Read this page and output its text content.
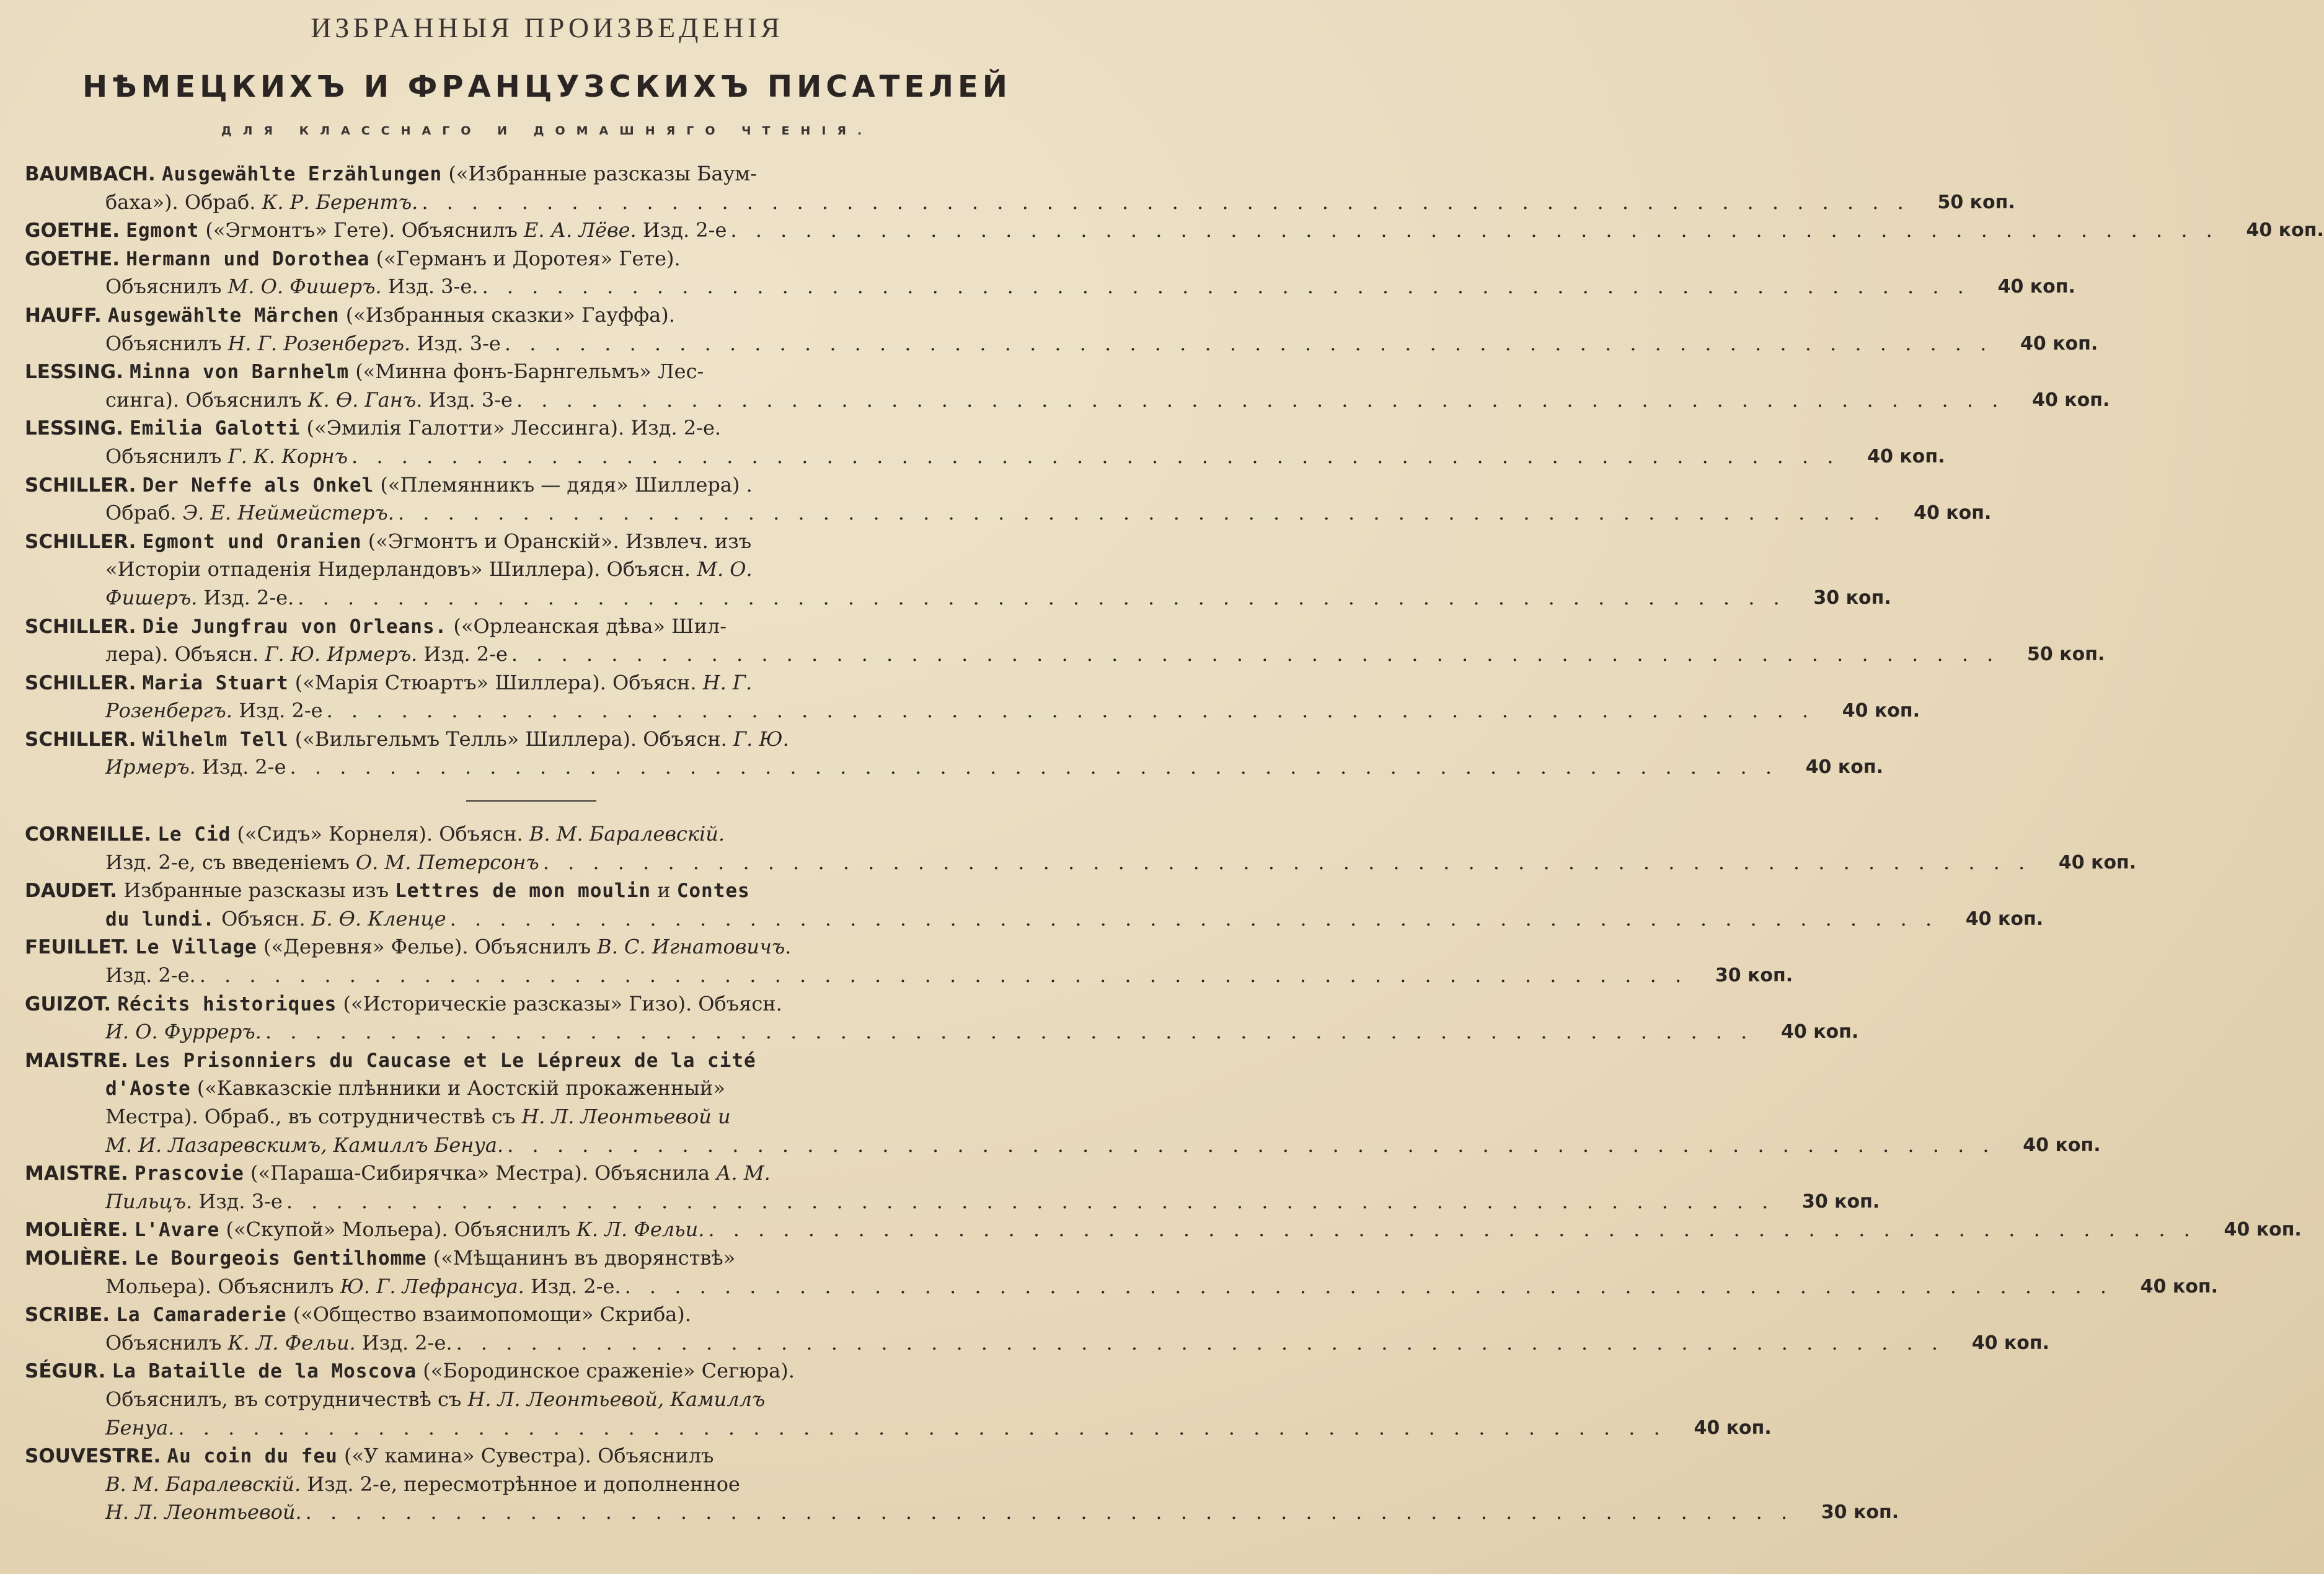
ИЗБРАННЫЯ ПРОИЗВЕДЕНІЯ
НѢМЕЦКИХЪ И ФРАНЦУЗСКИХЪ ПИСАТЕЛЕЙ
ДЛЯ КЛАССНАГО И ДОМАШНЯГО ЧТЕНІЯ.
BAUMBACH. Ausgewählte Erzählungen («Избранные разсказы Баум-
баха»). Обраб. К. Р. Берентъ. . . . . . . . . . . . . . . . . . . . . . . . . . . . . . . . . . . . . . . . . . . . . . . . . . . . . . . . . . . . .	50 коп.
GOETHE. Egmont («Эгмонтъ» Гете). Объяснилъ Е. А. Лёве. Изд. 2-е . . . . . . . . . . . . . . . . . . . . . . . . . . . . . . . . . . . . . . . . . . . . . . . . . . . . . . . . . . . .	40 коп.
GOETHE. Hermann und Dorothea («Германъ и Доротея» Гете).
Объяснилъ М. О. Фишеръ. Изд. 3-е. . . . . . . . . . . . . . . . . . . . . . . . . . . . . . . . . . . . . . . . . . . . . . . . . . . . . . . . . . . . .	40 коп.
HAUFF. Ausgewählte Märchen («Избранныя сказки» Гауффа).
Объяснилъ Н. Г. Розенбергъ. Изд. 3-е . . . . . . . . . . . . . . . . . . . . . . . . . . . . . . . . . . . . . . . . . . . . . . . . . . . . . . . . . . . .	40 коп.
LESSING. Minna von Barnhelm («Минна фонъ-Барнгельмъ» Лес-
синга). Объяснилъ К. Ѳ. Ганъ. Изд. 3-е . . . . . . . . . . . . . . . . . . . . . . . . . . . . . . . . . . . . . . . . . . . . . . . . . . . . . . . . . . . .	40 коп.
LESSING. Emilia Galotti («Эмилія Галотти» Лессинга). Изд. 2-е.
Объяснилъ Г. К. Корнъ . . . . . . . . . . . . . . . . . . . . . . . . . . . . . . . . . . . . . . . . . . . . . . . . . . . . . . . . . . . .	40 коп.
SCHILLER. Der Neffe als Onkel («Племянникъ — дядя» Шиллера) .
Обраб. Э. Е. Неймейстеръ. . . . . . . . . . . . . . . . . . . . . . . . . . . . . . . . . . . . . . . . . . . . . . . . . . . . . . . . . . . . .	40 коп.
SCHILLER. Egmont und Oranien («Эгмонтъ и Оранскій». Извлеч. изъ
«Исторіи отпаденія Нидерландовъ» Шиллера). Объясн. М. О.
Фишеръ. Изд. 2-е. . . . . . . . . . . . . . . . . . . . . . . . . . . . . . . . . . . . . . . . . . . . . . . . . . . . . . . . . . . . .	30 коп.
SCHILLER. Die Jungfrau von Orleans. («Орлеанская дѣва» Шил-
лера). Объясн. Г. Ю. Ирмеръ. Изд. 2-е . . . . . . . . . . . . . . . . . . . . . . . . . . . . . . . . . . . . . . . . . . . . . . . . . . . . . . . . . . . .	50 коп.
SCHILLER. Maria Stuart («Марія Стюартъ» Шиллера). Объясн. Н. Г.
Розенбергъ. Изд. 2-е . . . . . . . . . . . . . . . . . . . . . . . . . . . . . . . . . . . . . . . . . . . . . . . . . . . . . . . . . . . .	40 коп.
SCHILLER. Wilhelm Tell («Вильгельмъ Телль» Шиллера). Объясн. Г. Ю.
Ирмеръ. Изд. 2-е . . . . . . . . . . . . . . . . . . . . . . . . . . . . . . . . . . . . . . . . . . . . . . . . . . . . . . . . . . . .	40 коп.
CORNEILLE. Le Cid («Сидъ» Корнеля). Объясн. В. М. Баралевскій.
Изд. 2-е, съ введеніемъ О. М. Петерсонъ . . . . . . . . . . . . . . . . . . . . . . . . . . . . . . . . . . . . . . . . . . . . . . . . . . . . . . . . . . . .	40 коп.
DAUDET. Избранные разсказы изъ Lettres de mon moulin и Contes
du lundi. Объясн. Б. Ѳ. Кленце . . . . . . . . . . . . . . . . . . . . . . . . . . . . . . . . . . . . . . . . . . . . . . . . . . . . . . . . . . . .	40 коп.
FEUILLET. Le Village («Деревня» Фелье). Объяснилъ В. С. Игнатовичъ.
Изд. 2-е. . . . . . . . . . . . . . . . . . . . . . . . . . . . . . . . . . . . . . . . . . . . . . . . . . . . . . . . . . . . .	30 коп.
GUIZOT. Récits historiques («Историческіе разсказы» Гизо). Объясн.
И. О. Фурреръ. . . . . . . . . . . . . . . . . . . . . . . . . . . . . . . . . . . . . . . . . . . . . . . . . . . . . . . . . . . . .	40 коп.
MAISTRE. Les Prisonniers du Caucase et Le Lépreux de la cité
d'Aoste («Кавказскіе плѣнники и Аостскій прокаженный»
Местра). Обраб., въ сотрудничествѣ съ Н. Л. Леонтьевой и
М. И. Лазаревскимъ, Камиллъ Бенуа. . . . . . . . . . . . . . . . . . . . . . . . . . . . . . . . . . . . . . . . . . . . . . . . . . . . . . . . . . . . .	40 коп.
MAISTRE. Prascovie («Параша-Сибирячка» Местра). Объяснила А. М.
Пильцъ. Изд. 3-е . . . . . . . . . . . . . . . . . . . . . . . . . . . . . . . . . . . . . . . . . . . . . . . . . . . . . . . . . . . .	30 коп.
MOLIÈRE. L'Avare («Скупой» Мольера). Объяснилъ К. Л. Фельи. . . . . . . . . . . . . . . . . . . . . . . . . . . . . . . . . . . . . . . . . . . . . . . . . . . . . . . . . . . . .	40 коп.
MOLIÈRE. Le Bourgeois Gentilhomme («Мѣщанинъ въ дворянствѣ»
Мольера). Объяснилъ Ю. Г. Лефрансуа. Изд. 2-е. . . . . . . . . . . . . . . . . . . . . . . . . . . . . . . . . . . . . . . . . . . . . . . . . . . . . . . . . . . . .	40 коп.
SCRIBE. La Camaraderie («Общество взаимопомощи» Скриба).
Объяснилъ К. Л. Фельи. Изд. 2-е. . . . . . . . . . . . . . . . . . . . . . . . . . . . . . . . . . . . . . . . . . . . . . . . . . . . . . . . . . . . .	40 коп.
SÉGUR. La Bataille de la Moscova («Бородинское сраженіе» Сегюра).
Объяснилъ, въ сотрудничествѣ съ Н. Л. Леонтьевой, Камиллъ
Бенуа. . . . . . . . . . . . . . . . . . . . . . . . . . . . . . . . . . . . . . . . . . . . . . . . . . . . . . . . . . . . .	40 коп.
SOUVESTRE. Au coin du feu («У камина» Сувестра). Объяснилъ
В. М. Баралевскій. Изд. 2-е, пересмотрѣнное и дополненное
Н. Л. Леонтьевой. . . . . . . . . . . . . . . . . . . . . . . . . . . . . . . . . . . . . . . . . . . . . . . . . . . . . . . . . . . . .	30 коп.
